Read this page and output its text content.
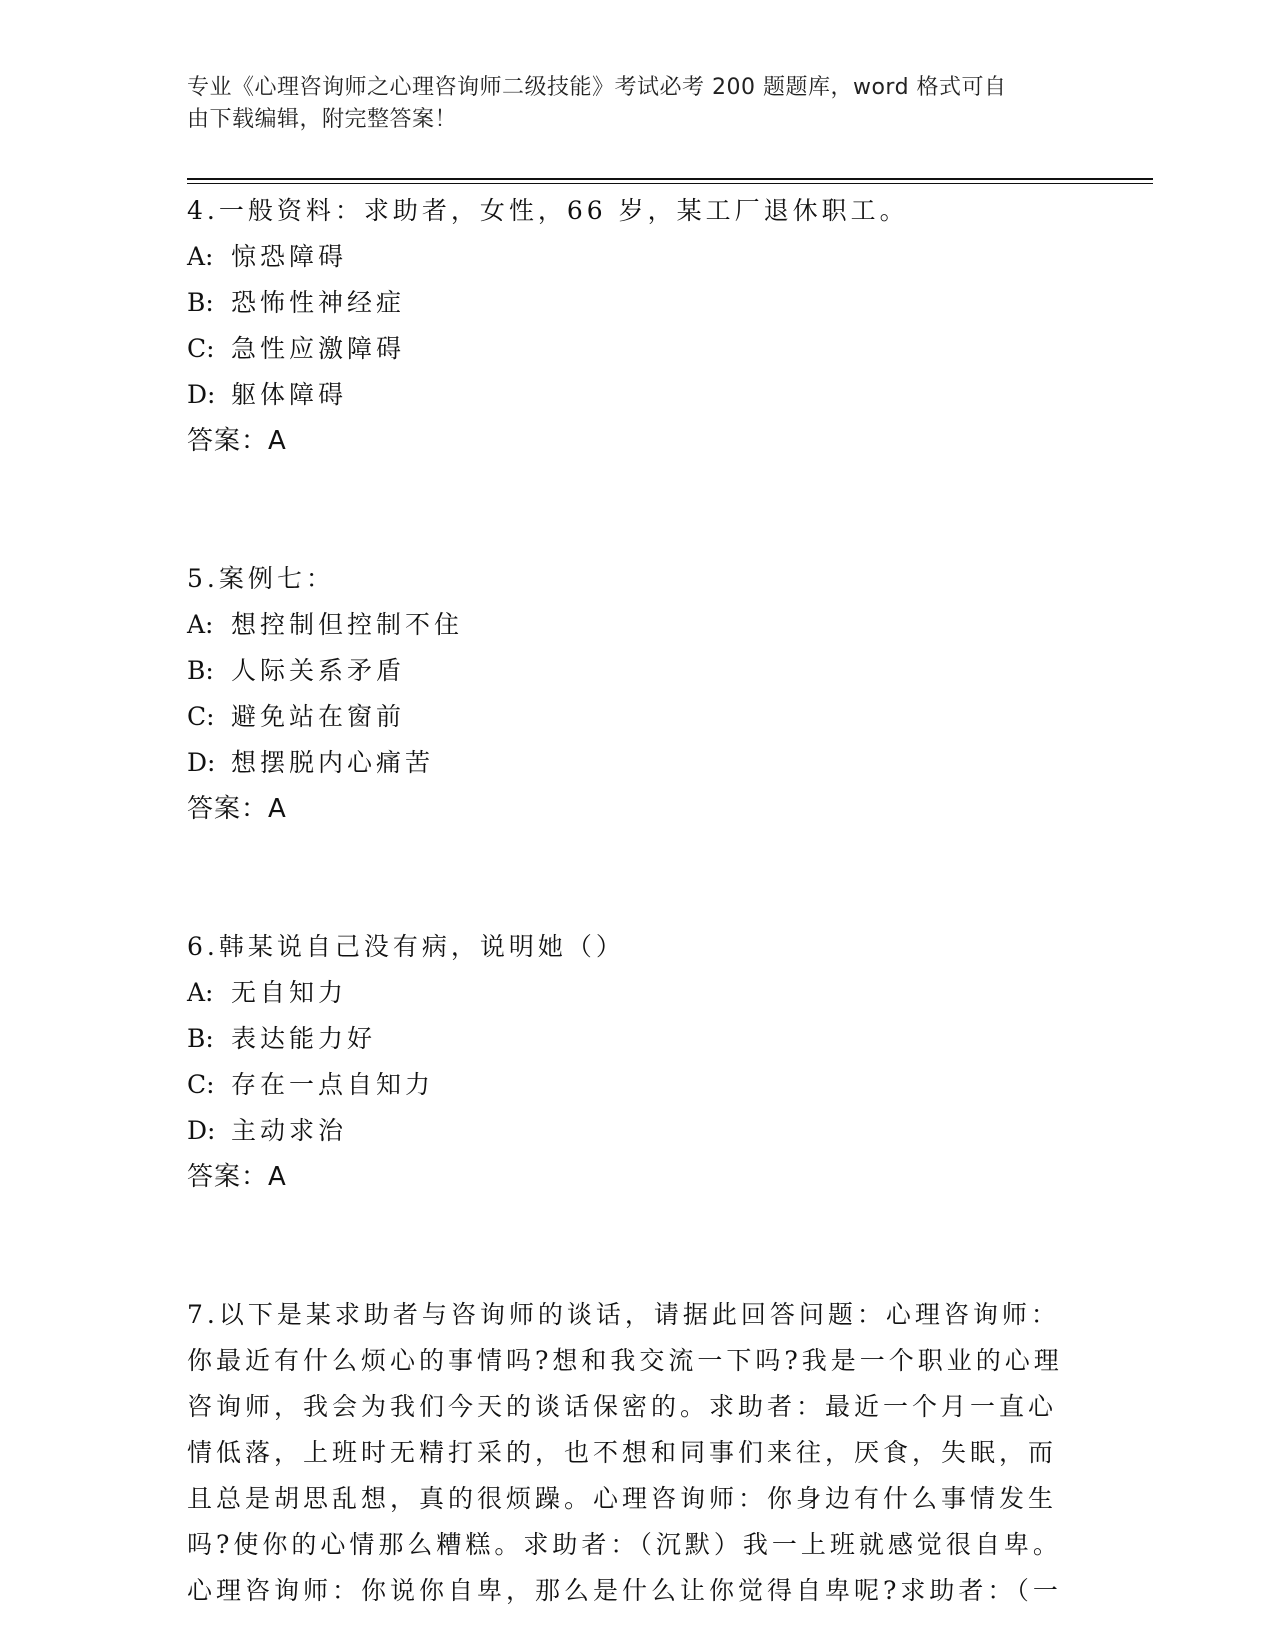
专业《心理咨询师之心理咨询师二级技能》考试必考 200 题题库，word 格式可自
由下载编辑，附完整答案！
4.一般资料：求助者，女性，66 岁，某工厂退休职工。
A: 惊恐障碍
B: 恐怖性神经症
C: 急性应激障碍
D: 躯体障碍
答案：A
5.案例七：
A: 想控制但控制不住
B: 人际关系矛盾
C: 避免站在窗前
D: 想摆脱内心痛苦
答案：A
6.韩某说自己没有病，说明她（）
A: 无自知力
B: 表达能力好
C: 存在一点自知力
D: 主动求治
答案：A
7.以下是某求助者与咨询师的谈话，请据此回答问题：心理咨询师：
你最近有什么烦心的事情吗?想和我交流一下吗?我是一个职业的心理
咨询师，我会为我们今天的谈话保密的。求助者：最近一个月一直心
情低落，上班时无精打采的，也不想和同事们来往，厌食，失眠，而
且总是胡思乱想，真的很烦躁。心理咨询师：你身边有什么事情发生
吗?使你的心情那么糟糕。求助者：（沉默）我一上班就感觉很自卑。
心理咨询师：你说你自卑，那么是什么让你觉得自卑呢?求助者：（一
